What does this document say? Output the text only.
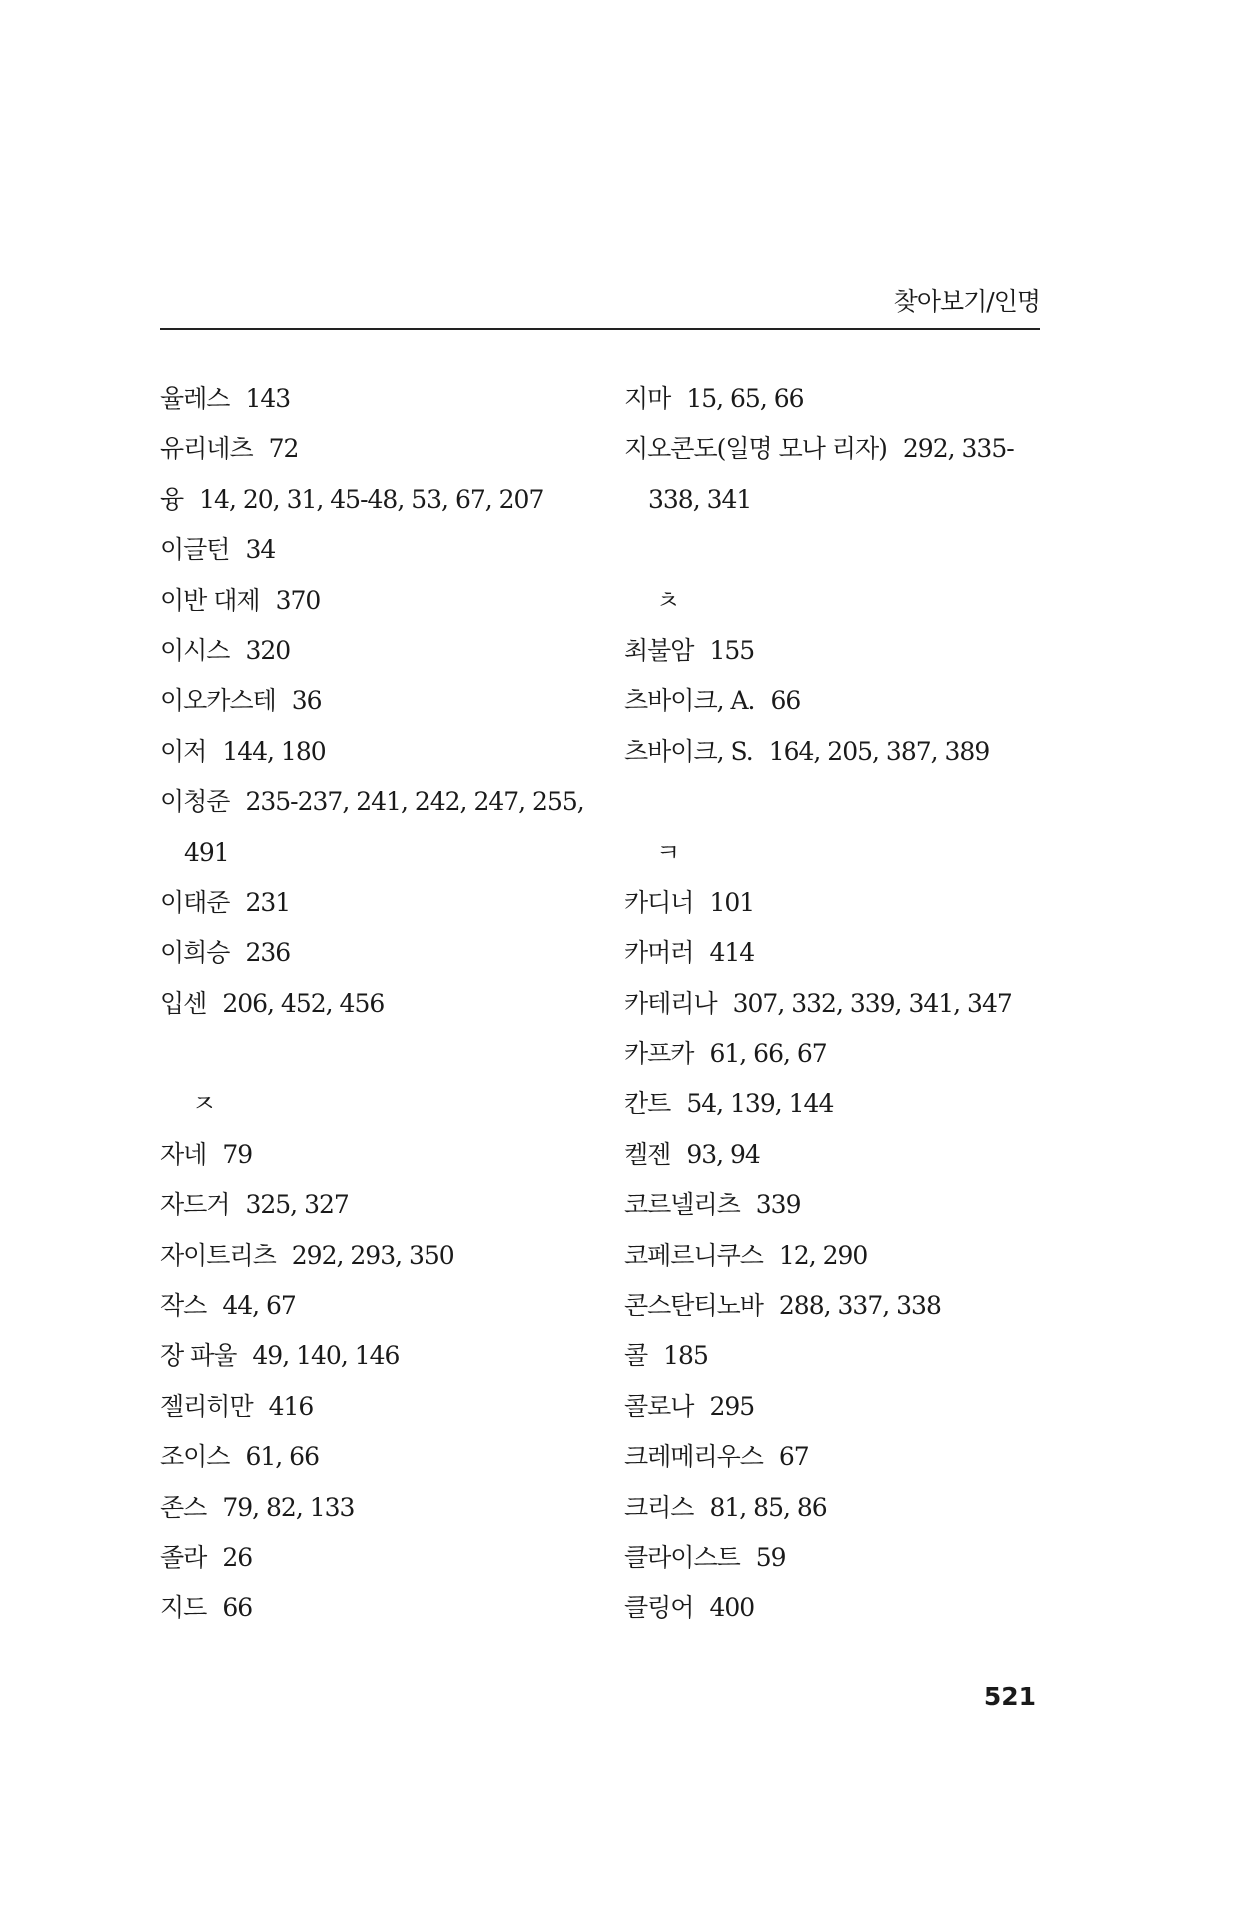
찾아보기/인명
율레스 143
유리네츠 72
융 14, 20, 31, 45-48, 53, 67, 207
이글턴 34
이반 대제 370
이시스 320
이오카스테 36
이저 144, 180
이청준 235-237, 241, 242, 247, 255,
491
이태준 231
이희승 236
입센 206, 452, 456
ㅈ
자네 79
자드거 325, 327
자이트리츠 292, 293, 350
작스 44, 67
장 파울 49, 140, 146
젤리히만 416
조이스 61, 66
존스 79, 82, 133
졸라 26
지드 66
지마 15, 65, 66
지오콘도(일명 모나 리자) 292, 335-
338, 341
ㅊ
최불암 155
츠바이크, A. 66
츠바이크, S. 164, 205, 387, 389
ㅋ
카디너 101
카머러 414
카테리나 307, 332, 339, 341, 347
카프카 61, 66, 67
칸트 54, 139, 144
켈젠 93, 94
코르넬리츠 339
코페르니쿠스 12, 290
콘스탄티노바 288, 337, 338
콜 185
콜로나 295
크레메리우스 67
크리스 81, 85, 86
클라이스트 59
클링어 400
521
